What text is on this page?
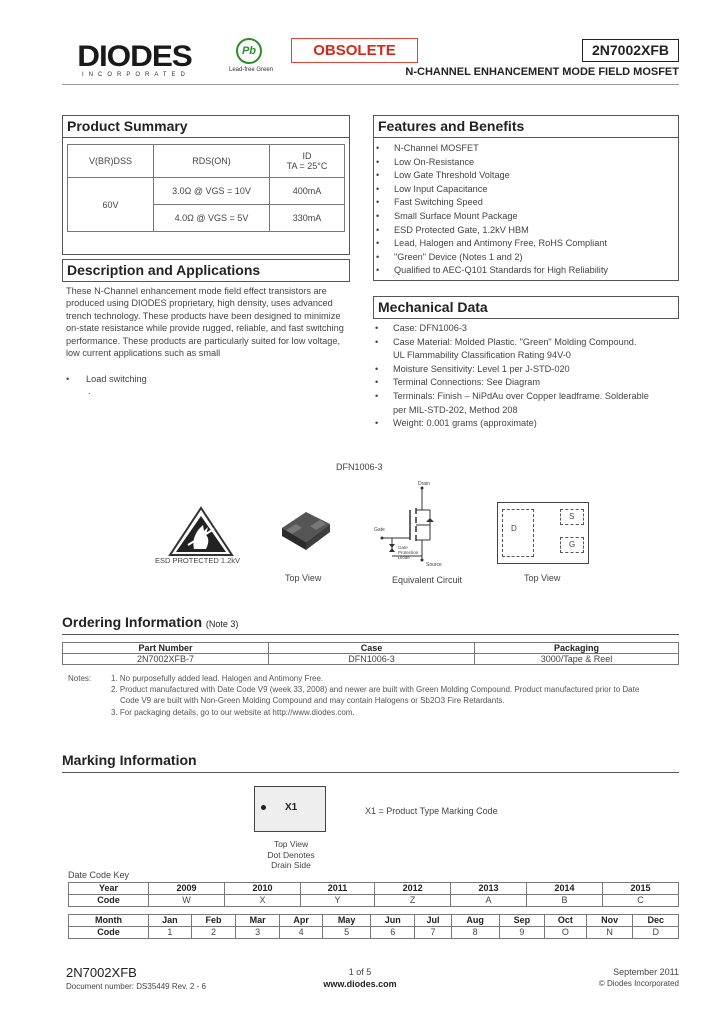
DIODES
INCORPORATED
Pb
Lead-free Green
OBSOLETE	2N7002XFB
N-CHANNEL ENHANCEMENT MODE FIELD MOSFET
Product Summary
V(BR)DSS	RDS(ON)	ID
TA = 25°C
60V	3.0Ω @ VGS = 10V	400mA
	4.0Ω @ VGS = 5V	330mA
Features and Benefits
• N-Channel MOSFET
• Low On-Resistance
• Low Gate Threshold Voltage
• Low Input Capacitance
• Fast Switching Speed
• Small Surface Mount Package
• ESD Protected Gate, 1.2kV HBM
• Lead, Halogen and Antimony Free, RoHS Compliant
• "Green" Device (Notes 1 and 2)
• Qualified to AEC-Q101 Standards for High Reliability
Description and Applications
These N-Channel enhancement mode field effect transistors are
produced using DIODES proprietary, high density, uses advanced
trench technology. These products have been designed to minimize
on-state resistance while provide rugged, reliable, and fast switching
performance. These products are particularly suited for low voltage,
low current applications such as small
• Load switching
.
Mechanical Data
• Case: DFN1006-3
• Case Material: Molded Plastic. "Green" Molding Compound.
UL Flammability Classification Rating 94V-0
• Moisture Sensitivity: Level 1 per J-STD-020
• Terminal Connections: See Diagram
• Terminals: Finish – NiPdAu over Copper leadframe. Solderable
per MIL-STD-202, Method 208
• Weight: 0.001 grams (approximate)
DFN1006-3
ESD PROTECTED 1.2kV
Top View
Drain
Gate
Source
Gate Protection Diode
Equivalent Circuit
D
S
G
Top View
Ordering Information (Note 3)
Part Number	Case	Packaging
2N7002XFB-7	DFN1006-3	3000/Tape & Reel
Notes: 1. No purposefully added lead. Halogen and Antimony Free.
2. Product manufactured with Date Code V9 (week 33, 2008) and newer are built with Green Molding Compound. Product manufactured prior to Date
Code V9 are built with Non-Green Molding Compound and may contain Halogens or Sb2O3 Fire Retardants.
3. For packaging details, go to our website at http://www.diodes.com.
Marking Information
X1	X1 = Product Type Marking Code
Top View
Dot Denotes
Drain Side
Date Code Key
Year	2009	2010	2011	2012	2013	2014	2015
Code	W	X	Y	Z	A	B	C
Month	Jan	Feb	Mar	Apr	May	Jun	Jul	Aug	Sep	Oct	Nov	Dec
Code	1	2	3	4	5	6	7	8	9	O	N	D
2N7002XFB
Document number: DS35449 Rev. 2 - 6
1 of 5
www.diodes.com
September 2011
© Diodes Incorporated
